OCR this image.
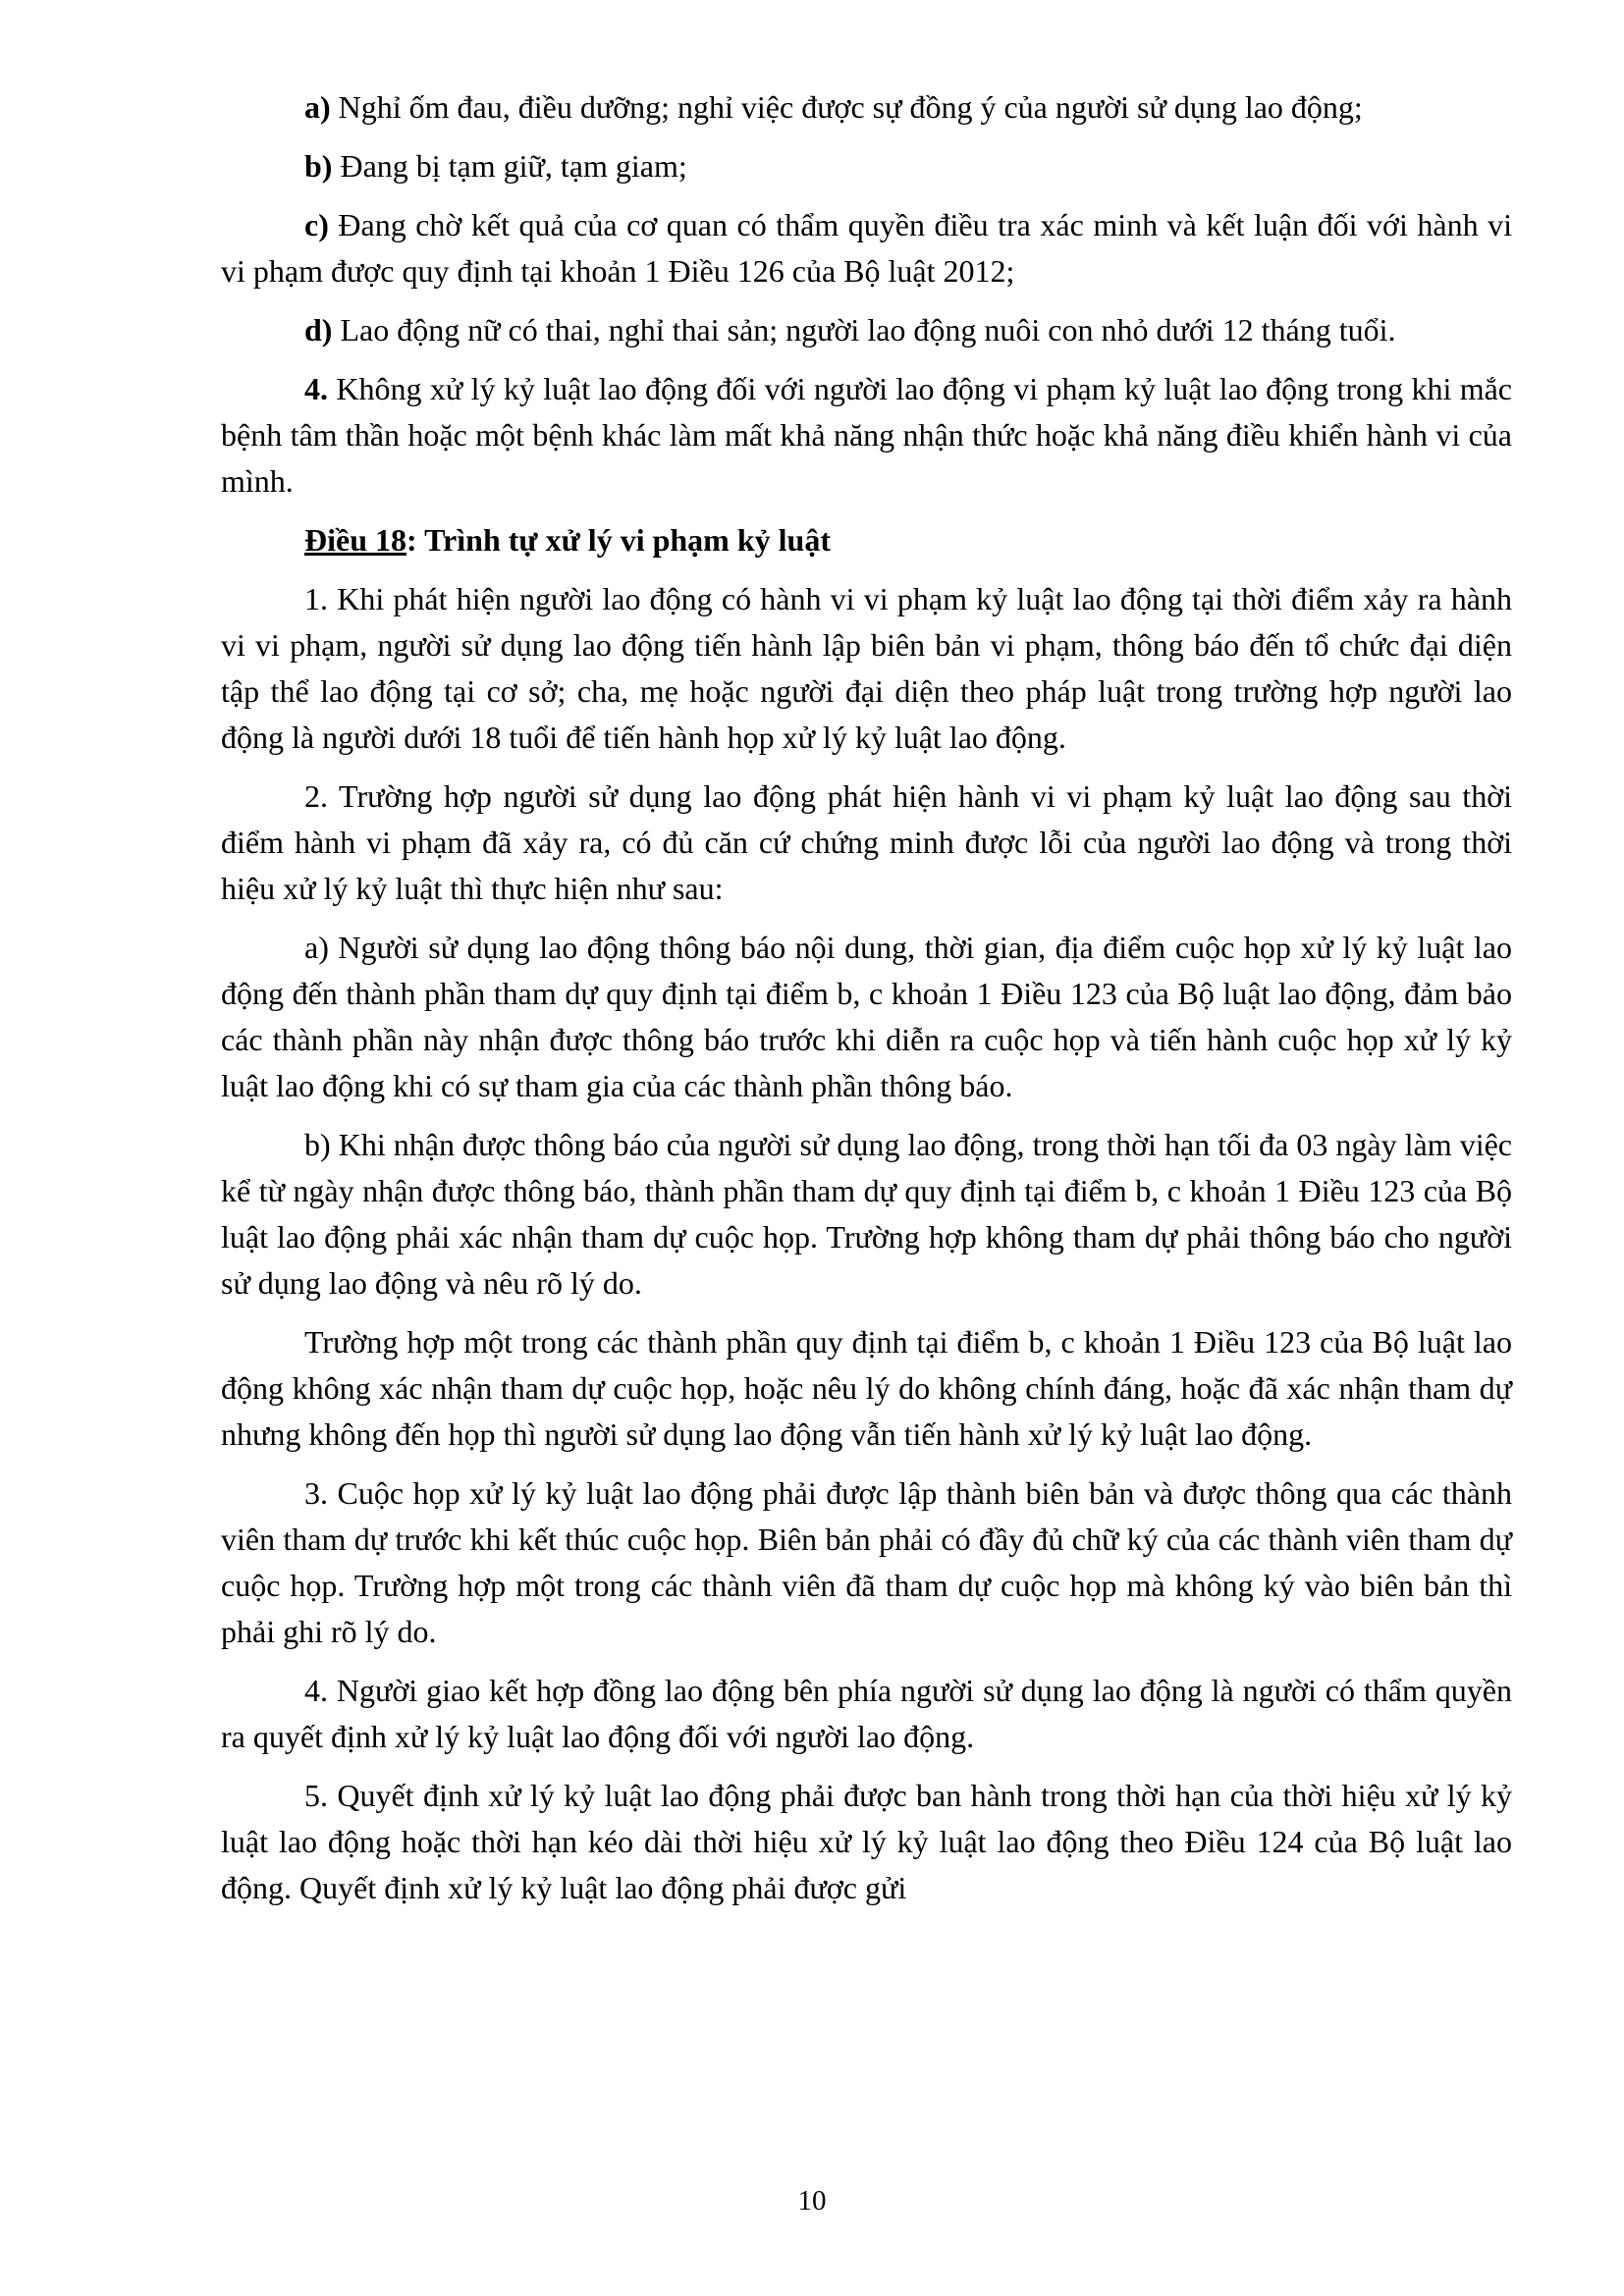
a) Nghỉ ốm đau, điều dưỡng; nghỉ việc được sự đồng ý của người sử dụng lao động;

b) Đang bị tạm giữ, tạm giam;

c) Đang chờ kết quả của cơ quan có thẩm quyền điều tra xác minh và kết luận đối với hành vi vi phạm được quy định tại khoản 1 Điều 126 của Bộ luật 2012;

d) Lao động nữ có thai, nghỉ thai sản; người lao động nuôi con nhỏ dưới 12 tháng tuổi.

4. Không xử lý kỷ luật lao động đối với người lao động vi phạm kỷ luật lao động trong khi mắc bệnh tâm thần hoặc một bệnh khác làm mất khả năng nhận thức hoặc khả năng điều khiển hành vi của mình.

Điều 18: Trình tự xử lý vi phạm kỷ luật

1. Khi phát hiện người lao động có hành vi vi phạm kỷ luật lao động tại thời điểm xảy ra hành vi vi phạm, người sử dụng lao động tiến hành lập biên bản vi phạm, thông báo đến tổ chức đại diện tập thể lao động tại cơ sở; cha, mẹ hoặc người đại diện theo pháp luật trong trường hợp người lao động là người dưới 18 tuổi để tiến hành họp xử lý kỷ luật lao động.

2. Trường hợp người sử dụng lao động phát hiện hành vi vi phạm kỷ luật lao động sau thời điểm hành vi phạm đã xảy ra, có đủ căn cứ chứng minh được lỗi của người lao động và trong thời hiệu xử lý kỷ luật thì thực hiện như sau:

a) Người sử dụng lao động thông báo nội dung, thời gian, địa điểm cuộc họp xử lý kỷ luật lao động đến thành phần tham dự quy định tại điểm b, c khoản 1 Điều 123 của Bộ luật lao động, đảm bảo các thành phần này nhận được thông báo trước khi diễn ra cuộc họp và tiến hành cuộc họp xử lý kỷ luật lao động khi có sự tham gia của các thành phần thông báo.

b) Khi nhận được thông báo của người sử dụng lao động, trong thời hạn tối đa 03 ngày làm việc kể từ ngày nhận được thông báo, thành phần tham dự quy định tại điểm b, c khoản 1 Điều 123 của Bộ luật lao động phải xác nhận tham dự cuộc họp. Trường hợp không tham dự phải thông báo cho người sử dụng lao động và nêu rõ lý do.

Trường hợp một trong các thành phần quy định tại điểm b, c khoản 1 Điều 123 của Bộ luật lao động không xác nhận tham dự cuộc họp, hoặc nêu lý do không chính đáng, hoặc đã xác nhận tham dự nhưng không đến họp thì người sử dụng lao động vẫn tiến hành xử lý kỷ luật lao động.

3. Cuộc họp xử lý kỷ luật lao động phải được lập thành biên bản và được thông qua các thành viên tham dự trước khi kết thúc cuộc họp. Biên bản phải có đầy đủ chữ ký của các thành viên tham dự cuộc họp. Trường hợp một trong các thành viên đã tham dự cuộc họp mà không ký vào biên bản thì phải ghi rõ lý do.

4. Người giao kết hợp đồng lao động bên phía người sử dụng lao động là người có thẩm quyền ra quyết định xử lý kỷ luật lao động đối với người lao động.

5. Quyết định xử lý kỷ luật lao động phải được ban hành trong thời hạn của thời hiệu xử lý kỷ luật lao động hoặc thời hạn kéo dài thời hiệu xử lý kỷ luật lao động theo Điều 124 của Bộ luật lao động. Quyết định xử lý kỷ luật lao động phải được gửi

10
